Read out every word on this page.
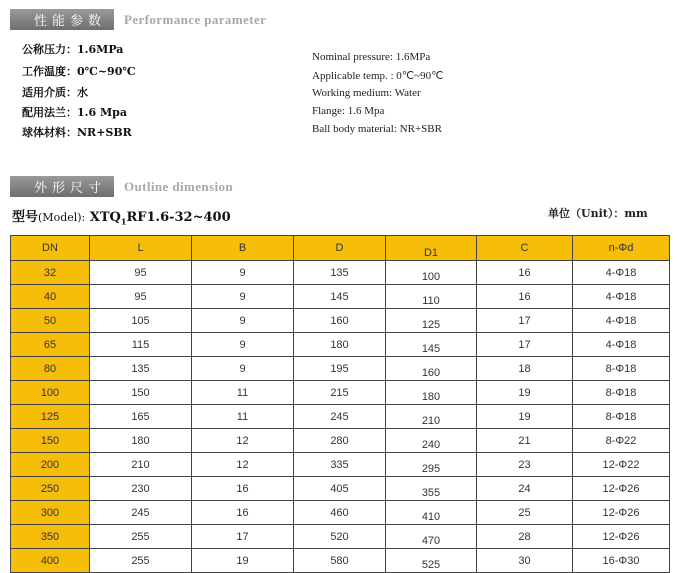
性能参数	Performance parameter
公称压力：1.6MPa
工作温度：0℃~90℃
适用介质：水
配用法兰：1.6 Mpa
球体材料：NR+SBR
Nominal pressure: 1.6MPa
Applicable temp. : 0℃~90℃
Working medium: Water
Flange: 1.6 Mpa
Ball body material: NR+SBR
外形尺寸	Outline dimension
型号(Model): $XTQ_1RF1.6-32\sim 400$	单位（Unit）：mm
DN	L	B	D	D1	C	n-Φd
32	95	9	135	100	16	4-Φ18
40	95	9	145	110	16	4-Φ18
50	105	9	160	125	17	4-Φ18
65	115	9	180	145	17	4-Φ18
80	135	9	195	160	18	8-Φ18
100	150	11	215	180	19	8-Φ18
125	165	11	245	210	19	8-Φ18
150	180	12	280	240	21	8-Φ22
200	210	12	335	295	23	12-Φ22
250	230	16	405	355	24	12-Φ26
300	245	16	460	410	25	12-Φ26
350	255	17	520	470	28	12-Φ26
400	255	19	580	525	30	16-Φ30
